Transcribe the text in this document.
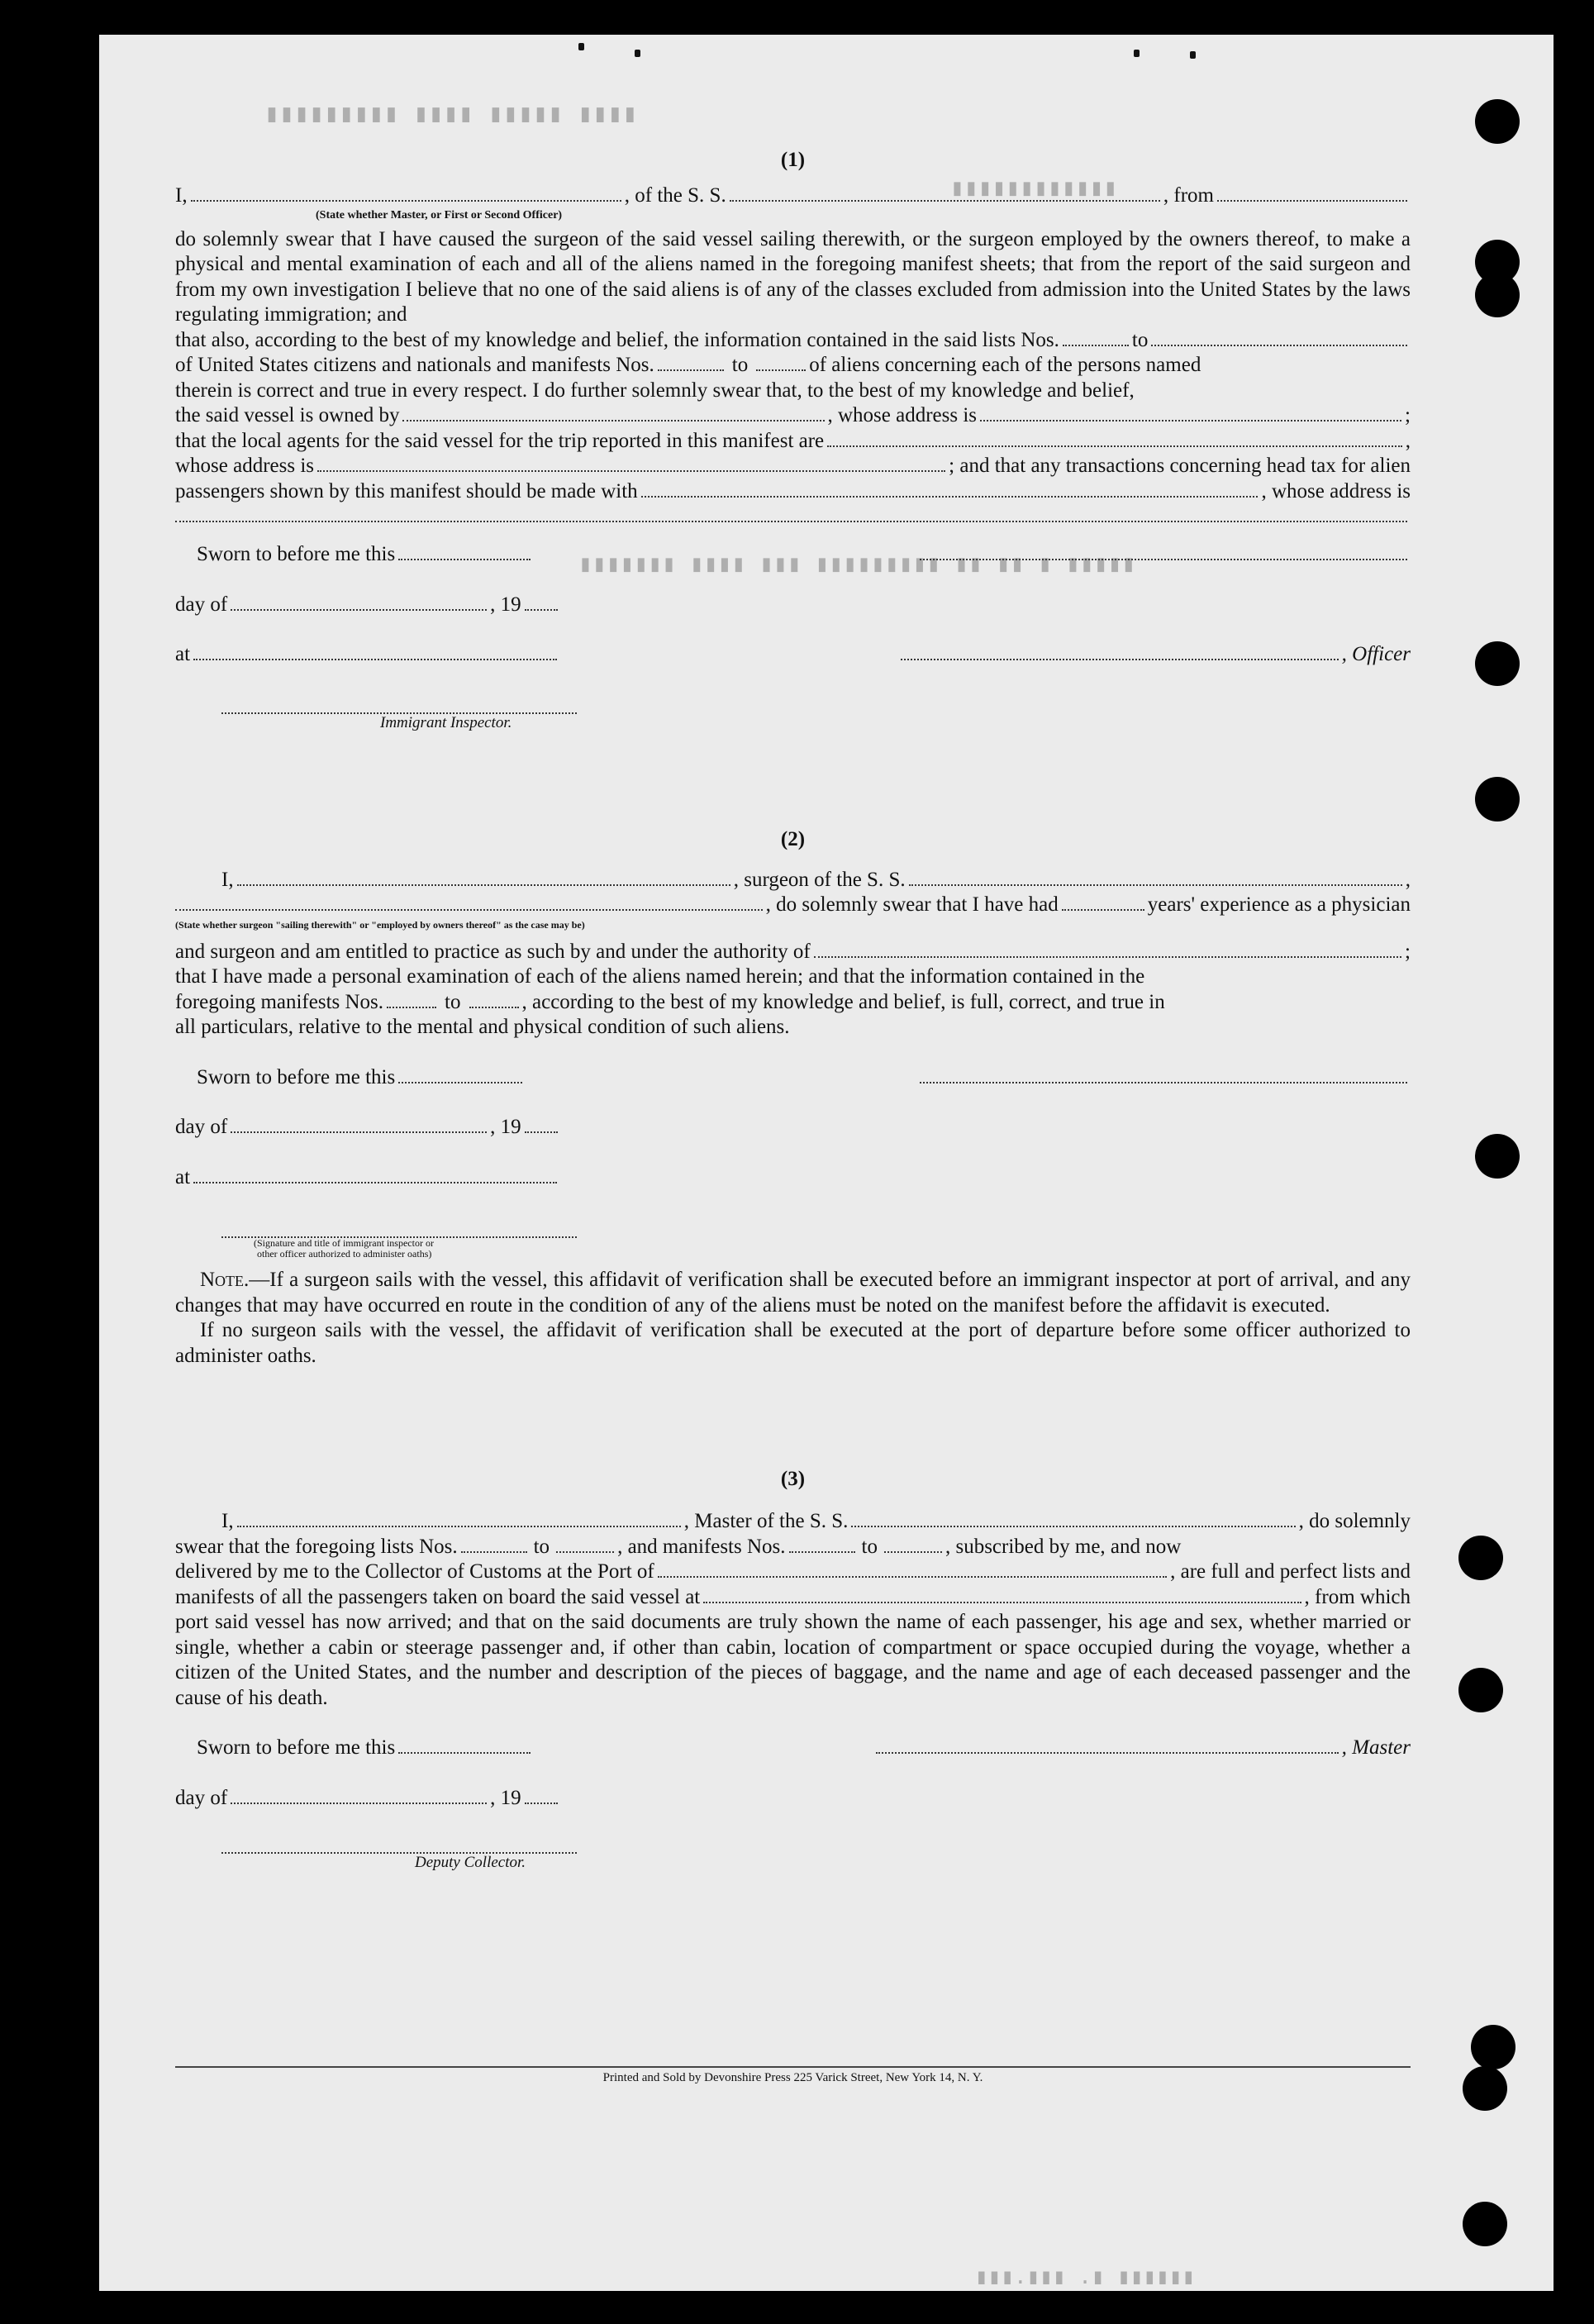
▮▮▮▮ ▮▮▮▮▮ ▮▮▮▮ ▮▮▮▮▮▮▮▮▮
▮▮▮▮▮▮▮▮▮▮▮▮
▮▮▮▮▮ ▮ ▮▮ ▮▮ ▮▮▮▮▮▮▮▮▮ ▮▮▮ ▮▮▮▮ ▮▮▮▮▮▮▮
▮▮▮▮▮▮ ▮. ▮▮▮.▮▮▮

(1)

I,	, of the S. S.	, from
(State whether Master, or First or Second Officer)

do solemnly swear that I have caused the surgeon of the said vessel sailing therewith, or the surgeon employed by the owners thereof, to make a physical and mental examination of each and all of the aliens named in the foregoing manifest sheets; that from the report of the said surgeon and from my own investigation I believe that no one of the said aliens is of any of the classes excluded from admission into the United States by the laws regulating immigration; and

that also, according to the best of my knowledge and belief, the information contained in the said lists Nos.	to
of United States citizens and nationals and manifests Nos.	to	of aliens concerning each of the persons named
therein is correct and true in every respect. I do further solemnly swear that, to the best of my knowledge and belief,
the said vessel is owned by	, whose address is	;
that the local agents for the said vessel for the trip reported in this manifest are	,
whose address is	; and that any transactions concerning head tax for alien
passengers shown by this manifest should be made with	, whose address is
Sworn to before me this
day of	, 19
at	, Officer
Immigrant Inspector.

(2)

I,	, surgeon of the S. S.	,
, do solemnly swear that I have had	years' experience as a physician
(State whether surgeon "sailing therewith" or "employed by owners thereof" as the case may be)
and surgeon and am entitled to practice as such by and under the authority of	;
that I have made a personal examination of each of the aliens named herein; and that the information contained in the
foregoing manifests Nos.	to	, according to the best of my knowledge and belief, is full, correct, and true in
all particulars, relative to the mental and physical condition of such aliens.
Sworn to before me this
day of	, 19
at
(Signature and title of immigrant inspector or
other officer authorized to administer oaths)

Note.—If a surgeon sails with the vessel, this affidavit of verification shall be executed before an immigrant inspector at port of arrival, and any changes that may have occurred en route in the condition of any of the aliens must be noted on the manifest before the affidavit is executed.

If no surgeon sails with the vessel, the affidavit of verification shall be executed at the port of departure before some officer authorized to administer oaths.

(3)

I,	, Master of the S. S.	, do solemnly
swear that the foregoing lists Nos.	to	, and manifests Nos.	to	, subscribed by me, and now
delivered by me to the Collector of Customs at the Port of	, are full and perfect lists and
manifests of all the passengers taken on board the said vessel at	, from which

port said vessel has now arrived; and that on the said documents are truly shown the name of each passenger, his age and sex, whether married or single, whether a cabin or steerage passenger and, if other than cabin, location of compartment or space occupied during the voyage, whether a citizen of the United States, and the number and description of the pieces of baggage, and the name and age of each deceased passenger and the cause of his death.

Sworn to before me this	, Master
day of	, 19
Deputy Collector.
Printed and Sold by Devonshire Press 225 Varick Street, New York 14, N. Y.
